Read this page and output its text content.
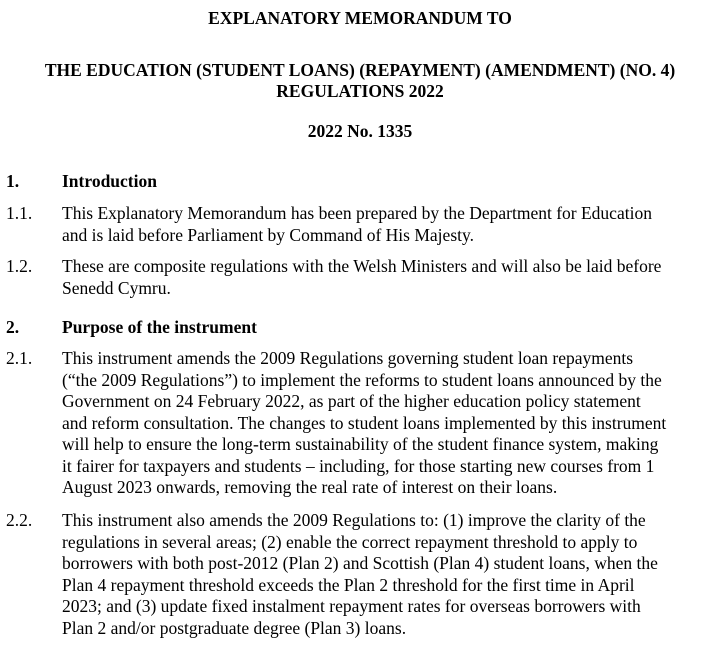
EXPLANATORY MEMORANDUM TO
THE EDUCATION (STUDENT LOANS) (REPAYMENT) (AMENDMENT) (NO. 4)
REGULATIONS 2022
2022 No. 1335
1. Introduction
1.1. This Explanatory Memorandum has been prepared by the Department for Education
and is laid before Parliament by Command of His Majesty.
1.2. These are composite regulations with the Welsh Ministers and will also be laid before
Senedd Cymru.
2. Purpose of the instrument
2.1. This instrument amends the 2009 Regulations governing student loan repayments
(“the 2009 Regulations”) to implement the reforms to student loans announced by the
Government on 24 February 2022, as part of the higher education policy statement
and reform consultation. The changes to student loans implemented by this instrument
will help to ensure the long-term sustainability of the student finance system, making
it fairer for taxpayers and students – including, for those starting new courses from 1
August 2023 onwards, removing the real rate of interest on their loans.
2.2. This instrument also amends the 2009 Regulations to: (1) improve the clarity of the
regulations in several areas; (2) enable the correct repayment threshold to apply to
borrowers with both post-2012 (Plan 2) and Scottish (Plan 4) student loans, when the
Plan 4 repayment threshold exceeds the Plan 2 threshold for the first time in April
2023; and (3) update fixed instalment repayment rates for overseas borrowers with
Plan 2 and/or postgraduate degree (Plan 3) loans.
